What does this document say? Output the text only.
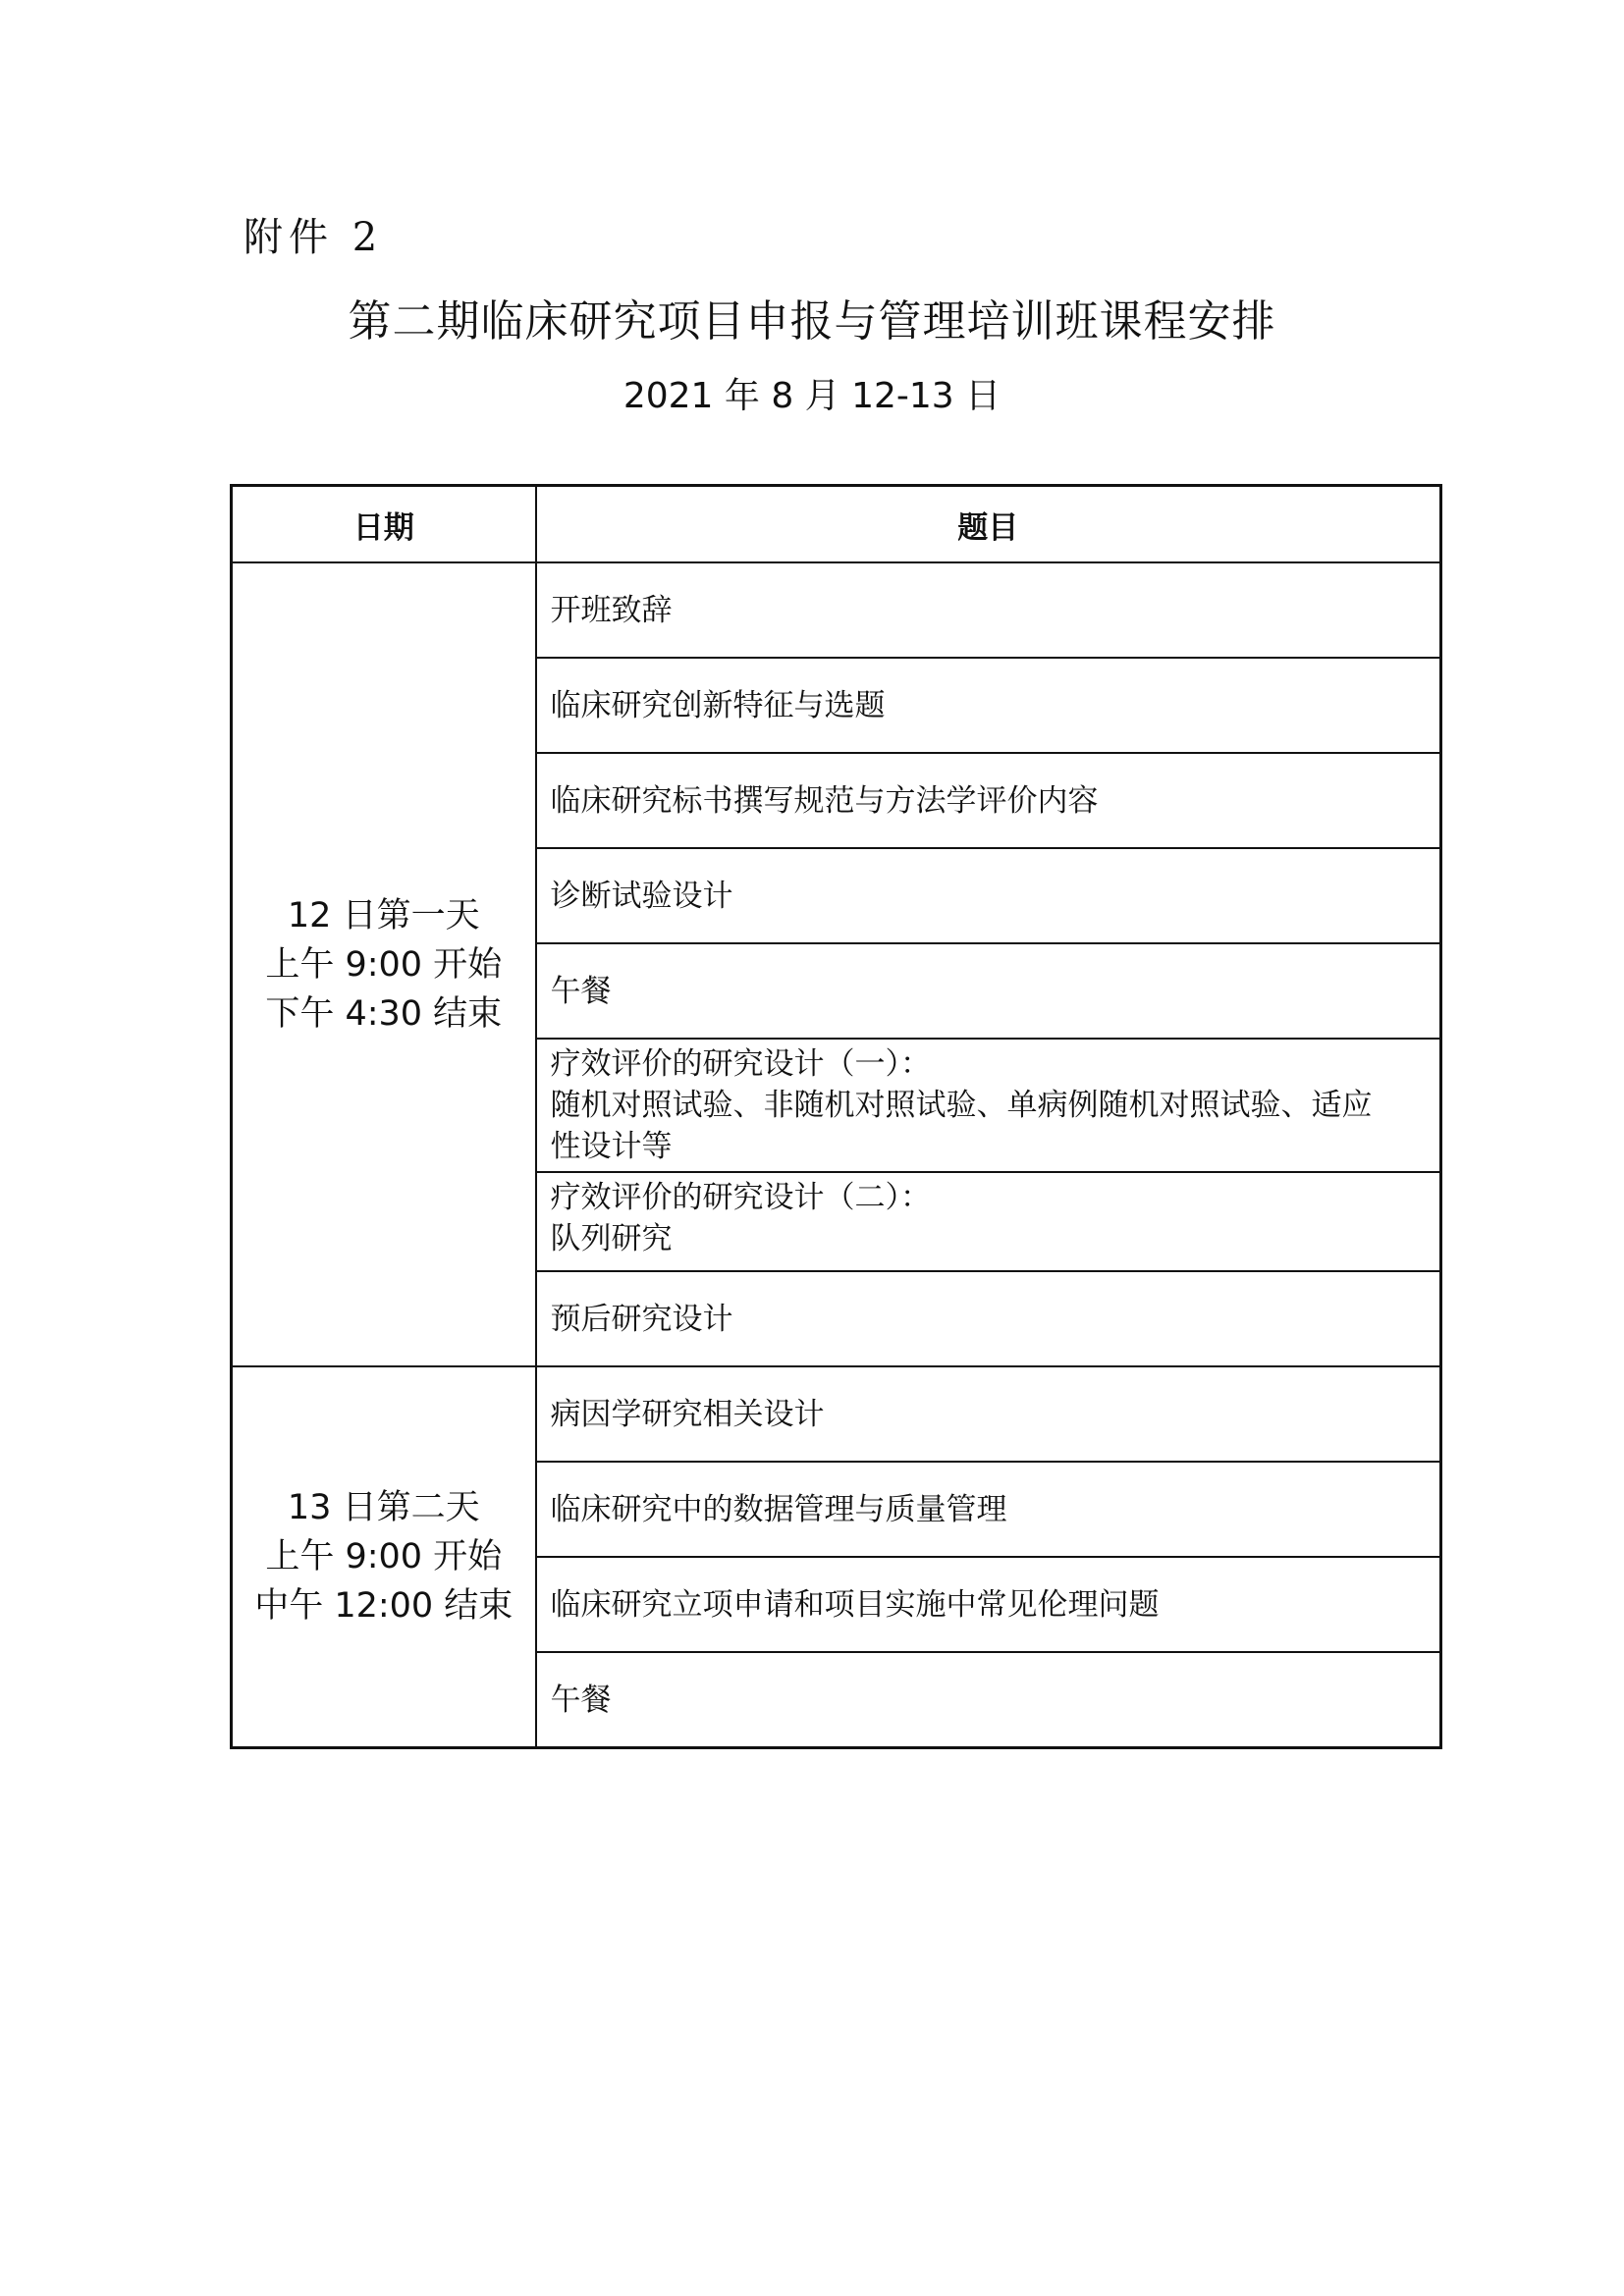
附件 2
第二期临床研究项目申报与管理培训班课程安排
2021 年 8 月 12-13 日
日期	题目

12 日第一天
上午 9:00 开始
下午 4:30 结束	开班致辞

	临床研究创新特征与选题

	临床研究标书撰写规范与方法学评价内容

	诊断试验设计

	午餐

	疗效评价的研究设计（一）：
随机对照试验、非随机对照试验、单病例随机对照试验、适应
性设计等

	疗效评价的研究设计（二）：
队列研究

	预后研究设计

13 日第二天
上午 9:00 开始
中午 12:00 结束	病因学研究相关设计

	临床研究中的数据管理与质量管理

	临床研究立项申请和项目实施中常见伦理问题

	午餐
